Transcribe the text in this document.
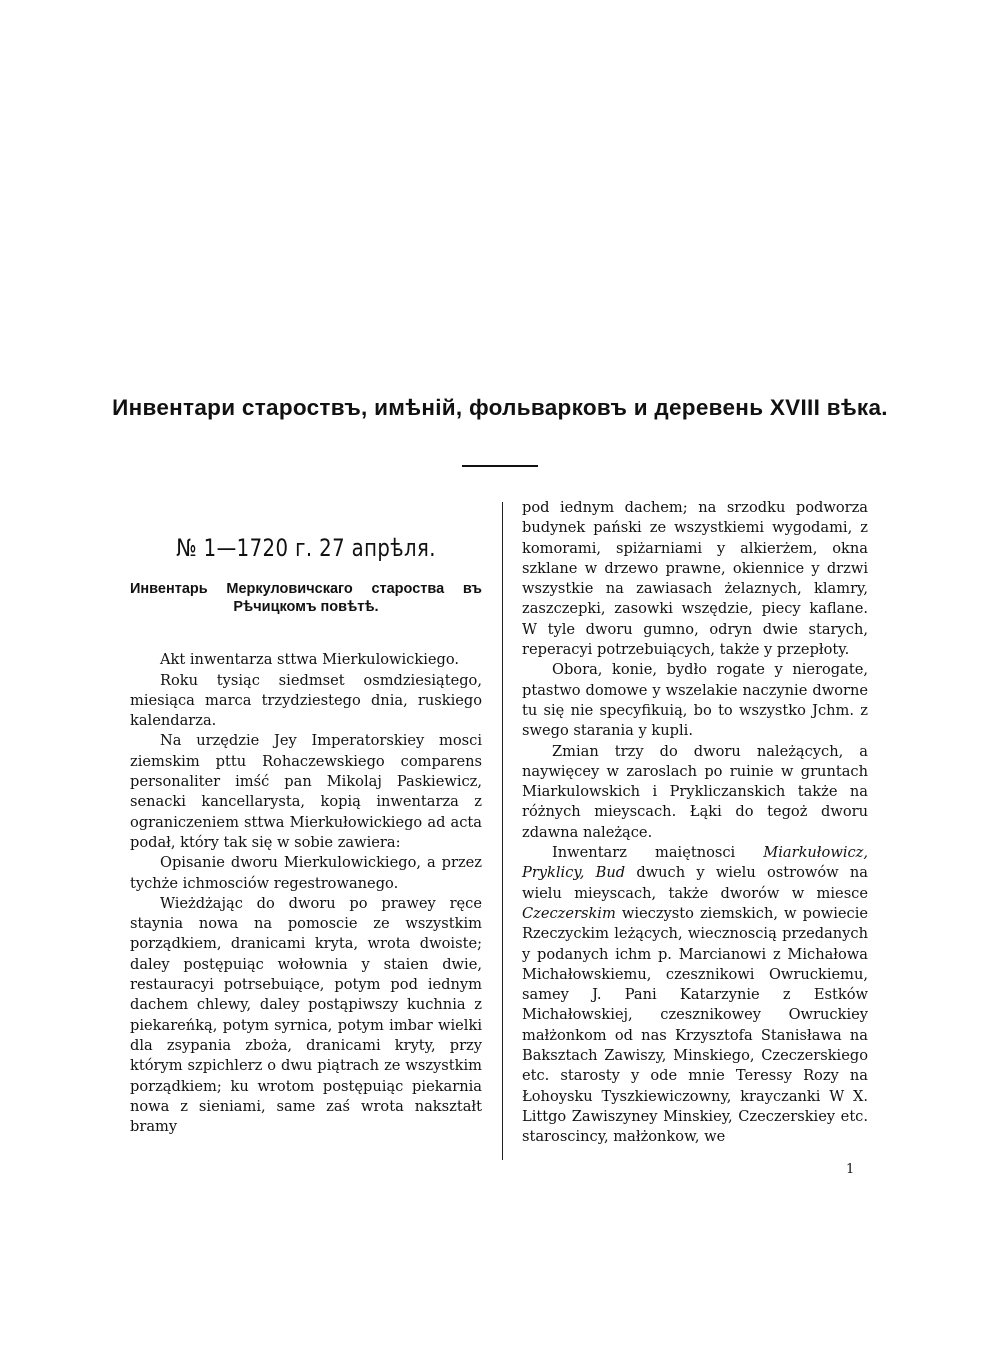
Инвентари староствъ, имѣній, фольварковъ и деревень XVIII вѣка.
№ 1—1720 г. 27 апрѣля.
Инвентарь Меркуловичскаго староства въ
Рѣчицкомъ повѣтѣ.

Akt inwentarza sttwa Mierkulowickiego.

Roku tysiąc siedmset osmdziesiątego, miesiąca marca trzydziestego dnia, ruskiego kalendarza.

Na urzędzie Jey Imperatorskiey mosci ziemskim pttu Rohaczewskiego comparens personaliter imść pan Mikolaj Paskiewicz, senacki kancellarysta, kopią inwentarza z ograniczeniem sttwa Mierkułowickiego ad acta podał, który tak się w sobie zawiera:

Opisanie dworu Mierkulowickiego, a przez tychże ichmosciów regestrowanego.

Wieżdżając do dworu po prawey ręce staynia nowa na pomoscie ze wszystkim porządkiem, dranicami kryta, wrota dwoiste; daley postępuiąc wołownia y staien dwie, restauracyi potrsebuiące, potym pod iednym dachem chlewy, daley postąpiwszy kuchnia z piekareńką, potym syrnica, potym imbar wielki dla zsypania zboża, dranicami kryty, przy którym szpichlerz o dwu piątrach ze wszystkim porządkiem; ku wrotom postępuiąc piekarnia nowa z sieniami, same zaś wrota nakształt bramy

pod iednym dachem; na srzodku podworza budynek pański ze wszystkiemi wygodami, z komorami, spiżarniami y alkierżem, okna szklane w drzewo prawne, okiennice y drzwi wszystkie na zawiasach żelaznych, klamry, zaszczepki, zasowki wszędzie, piecy kaflane. W tyle dworu gumno, odryn dwie starych, reperacyi potrzebuiących, także y przepłoty.

Obora, konie, bydło rogate y nierogate, ptastwo domowe y wszelakie naczynie dworne tu się nie specyfikuią, bo to wszystko Jchm. z swego starania y kupli.

Zmian trzy do dworu należących, a naywięcey w zaroslach po ruinie w gruntach Miarkulowskich i Prykliczanskich także na różnych mieyscach. Łąki do tegoż dworu zdawna należące.

Inwentarz maiętnosci Miarkułowicz, Pryklicy, Bud dwuch y wielu ostrowów na wielu mieyscach, także dworów w miesce Czeczerskim wieczysto ziemskich, w powiecie Rzeczyckim leżących, wiecznoscią przedanych y podanych ichm p. Marcianowi z Michałowa Michałowskiemu, czesznikowi Owruckiemu, samey J. Pani Katarzynie z Estków Michałowskiej, czesznikowey Owruckiey małżonkom od nas Krzysztofa Stanisława na Baksztach Zawiszy, Minskiego, Czeczerskiego etc. starosty y ode mnie Teressy Rozy na Łohoysku Tyszkiewiczowny, krayczanki W X. Littgo Zawiszyney Minskiey, Czeczerskiey etc. staroscincy, małżonkow, we

1
